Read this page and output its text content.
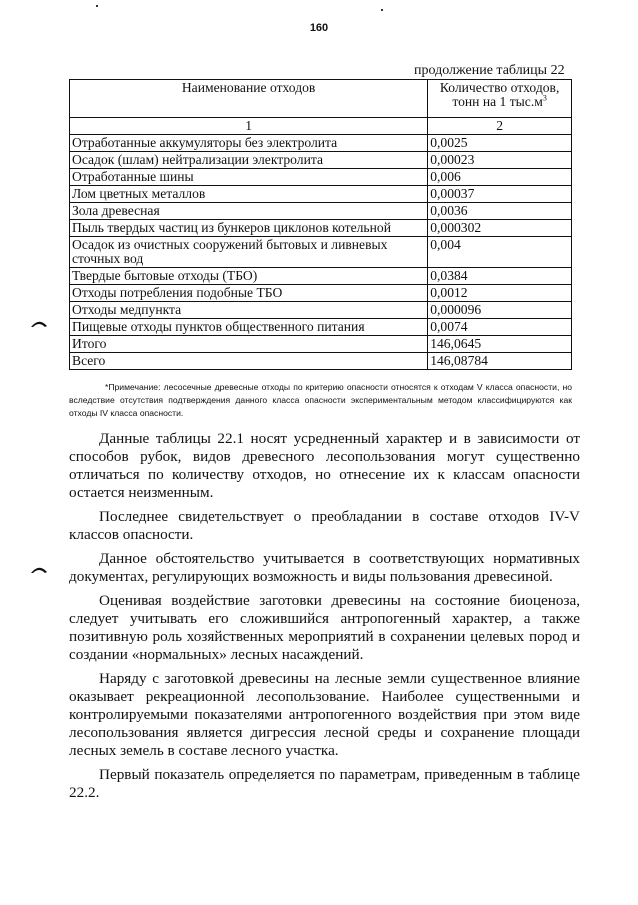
160
продолжение таблицы 22
Наименование отходов	Количество отходов,
тонн на 1 $тыс.м^3$
1	2
Отработанные аккумуляторы без электролита	0,0025
Осадок (шлам) нейтрализации электролита	0,00023
Отработанные шины	0,006
Лом цветных металлов	0,00037
Зола древесная	0,0036
Пыль твердых частиц из бункеров циклонов котельной	0,000302
Осадок из очистных сооружений бытовых и ливневых сточных вод	0,004
Твердые бытовые отходы (ТБО)	0,0384
Отходы потребления подобные ТБО	0,0012
Отходы медпункта	0,000096
Пищевые отходы пунктов общественного питания	0,0074
Итого	146,0645
Всего	146,08784

*Примечание: лесосечные древесные отходы по критерию опасности относятся к отходам V класса опасности, но вследствие отсутствия подтверждения данного класса опасности экспериментальным методом классифицируются как отходы IV класса опасности.

Данные таблицы 22.1 носят усредненный характер и в зависимости от способов рубок, видов древесного лесопользования могут существенно отличаться по количеству отходов, но отнесение их к классам опасности остается неизменным.

Последнее свидетельствует о преобладании в составе отходов IV-V классов опасности.

Данное обстоятельство учитывается в соответствующих нормативных документах, регулирующих возможность и виды пользования древесиной.

Оценивая воздействие заготовки древесины на состояние биоценоза, следует учитывать его сложившийся антропогенный характер, а также позитивную роль хозяйственных мероприятий в сохранении целевых пород и создании «нормальных» лесных насаждений.

Наряду с заготовкой древесины на лесные земли существенное влияние оказывает рекреационной лесопользование. Наиболее существенными и контролируемыми показателями антропогенного воздействия при этом виде лесопользования является дигрессия лесной среды и сохранение площади лесных земель в составе лесного участка.

Первый показатель определяется по параметрам, приведенным в таблице 22.2.
